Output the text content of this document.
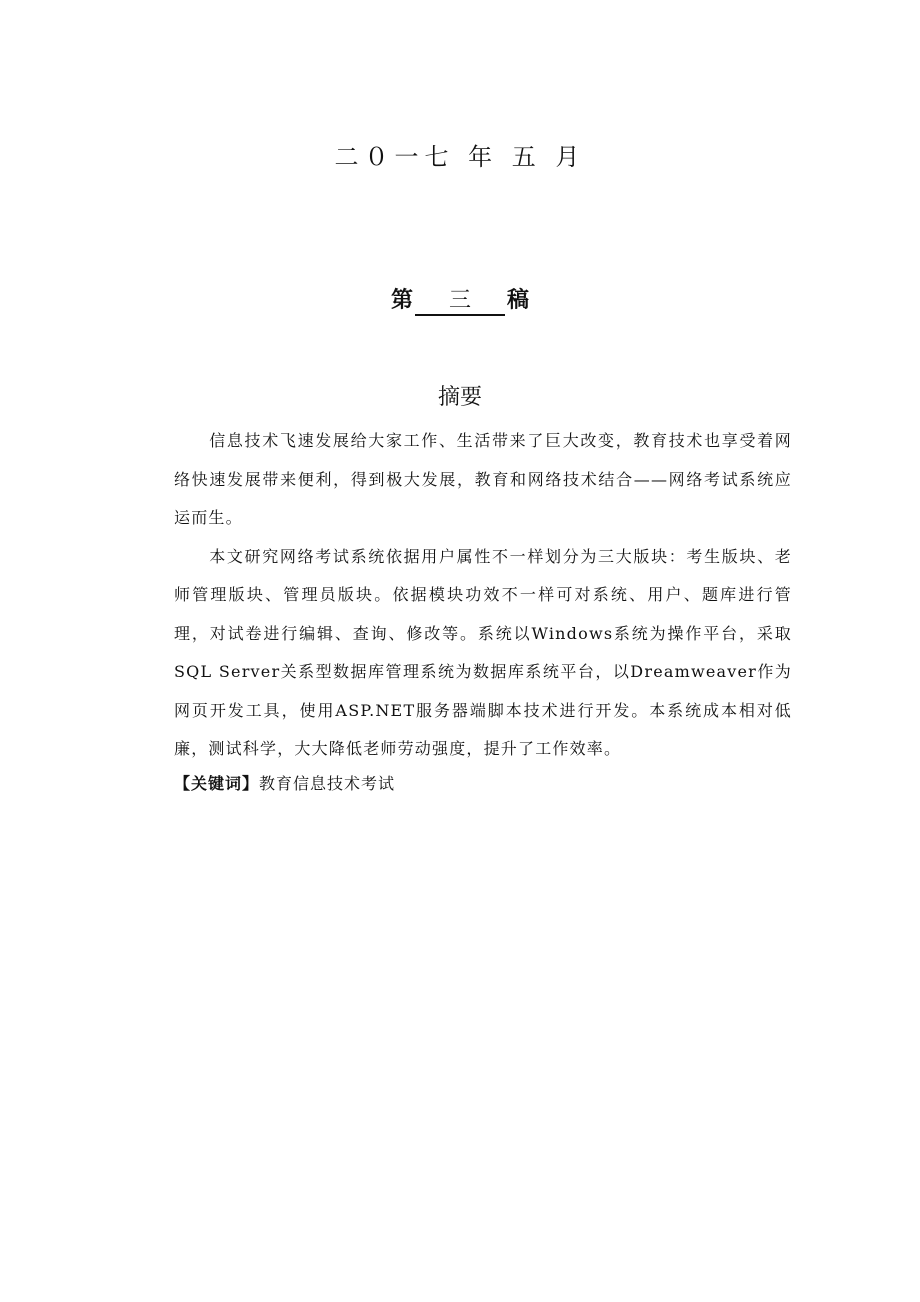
二０一七 年 五 月
第 三 稿
摘要

信息技术飞速发展给大家工作、生活带来了巨大改变，教育技术也享受着网络快速发展带来便利，得到极大发展，教育和网络技术结合——网络考试系统应运而生。

本文研究网络考试系统依据用户属性不一样划分为三大版块：考生版块、老师管理版块、管理员版块。依据模块功效不一样可对系统、用户、题库进行管理，对试卷进行编辑、查询、修改等。系统以Windows系统为操作平台，采取SQL Server关系型数据库管理系统为数据库系统平台，以Dreamweaver作为网页开发工具，使用ASP.NET服务器端脚本技术进行开发。本系统成本相对低廉，测试科学，大大降低老师劳动强度，提升了工作效率。

【关键词】教育信息技术考试
